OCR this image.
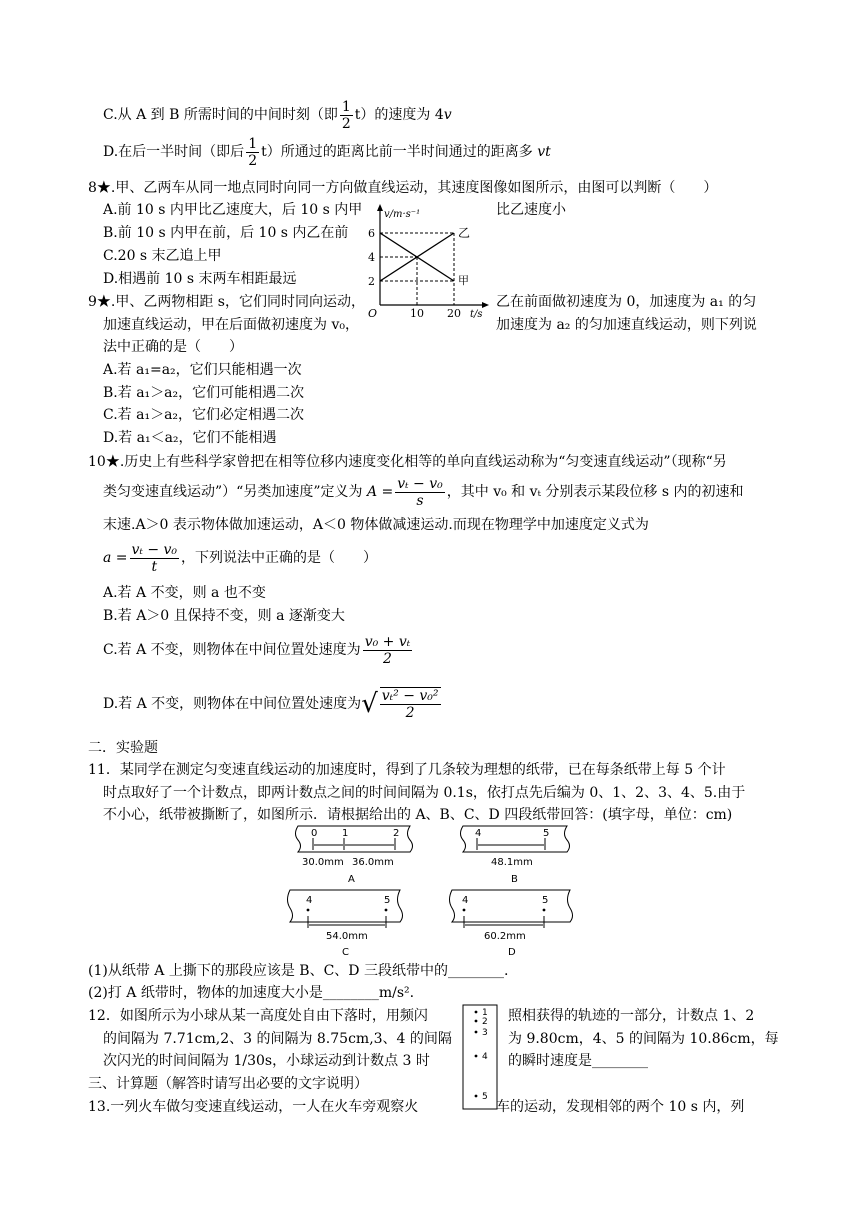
C.从 A 到 B 所需时间的中间时刻（即 $\frac{1}{2} t$）的速度为 4v
D.在后一半时间（即后 $\frac{1}{2} t$）所通过的距离比前一半时间通过的距离多 vt
8★.甲、乙两车从同一地点同时向同一方向做直线运动，其速度图像如图所示，由图可以判断（　　）
A.前 10 s 内甲比乙速度大，后 10 s 内甲	比乙速度小
B.前 10 s 内甲在前，后 10 s 内乙在前
C.20 s 末乙追上甲
D.相遇前 10 s 末两车相距最远
v/m·s⁻¹
6
4
2
O	10 20 t/s
乙
甲
9★.甲、乙两物相距 s，它们同时同向运动，	乙在前面做初速度为 0，加速度为 a₁ 的匀
加速直线运动，甲在后面做初速度为 v₀，	加速度为 a₂ 的匀加速直线运动，则下列说
法中正确的是（　　）
A.若 a₁=a₂，它们只能相遇一次
B.若 a₁＞a₂，它们可能相遇二次
C.若 a₁＞a₂，它们必定相遇二次
D.若 a₁＜a₂，它们不能相遇
10★.历史上有些科学家曾把在相等位移内速度变化相等的单向直线运动称为“匀变速直线运动”（现称“另
类匀变速直线运动”）“另类加速度”定义为 $A = \frac{\text{vₜ − v₀}}{s}$ ，其中 v₀ 和 vₜ 分别表示某段位移 s 内的初速和
末速.A＞0 表示物体做加速运动，A＜0 物体做减速运动.而现在物理学中加速度定义式为
$a = \frac{\text{vₜ − v₀}}{t}$ ，下列说法中正确的是（　　）
A.若 A 不变，则 a 也不变
B.若 A＞0 且保持不变，则 a 逐渐变大
C.若 A 不变，则物体在中间位置处速度为 $\frac{\text{v₀ + vₜ}}{2}$
D.若 A 不变，则物体在中间位置处速度为√ $\frac{\text{vₜ² − v₀²}}{2}$
二．实验题
11．某同学在测定匀变速直线运动的加速度时，得到了几条较为理想的纸带，已在每条纸带上每 5 个计
时点取好了一个计数点，即两计数点之间的时间间隔为 0.1s，依打点先后编为 0、1、2、3、4、5.由于
不小心，纸带被撕断了，如图所示．请根据给出的 A、B、C、D 四段纸带回答：(填字母，单位：cm)
0 1	2
30.0mm 36.0mm
A
4	5
48.1mm
B
4	5
54.0mm
C
4	5
60.2mm
D
(1)从纸带 A 上撕下的那段应该是 B、C、D 三段纸带中的________.
(2)打 A 纸带时，物体的加速度大小是________m/s².
12．如图所示为小球从某一高度处自由下落时，用频闪	照相获得的轨迹的一部分，计数点 1、2
的间隔为 7.71cm,2、3 的间隔为 8.75cm,3、4 的间隔	为 9.80cm，4、5 的间隔为 10.86cm，每
次闪光的时间间隔为 1/30s，小球运动到计数点 3 时	的瞬时速度是________
1
2
3
4
5
三、计算题（解答时请写出必要的文字说明）
13.一列火车做匀变速直线运动，一人在火车旁观察火	车的运动，发现相邻的两个 10 s 内，列
